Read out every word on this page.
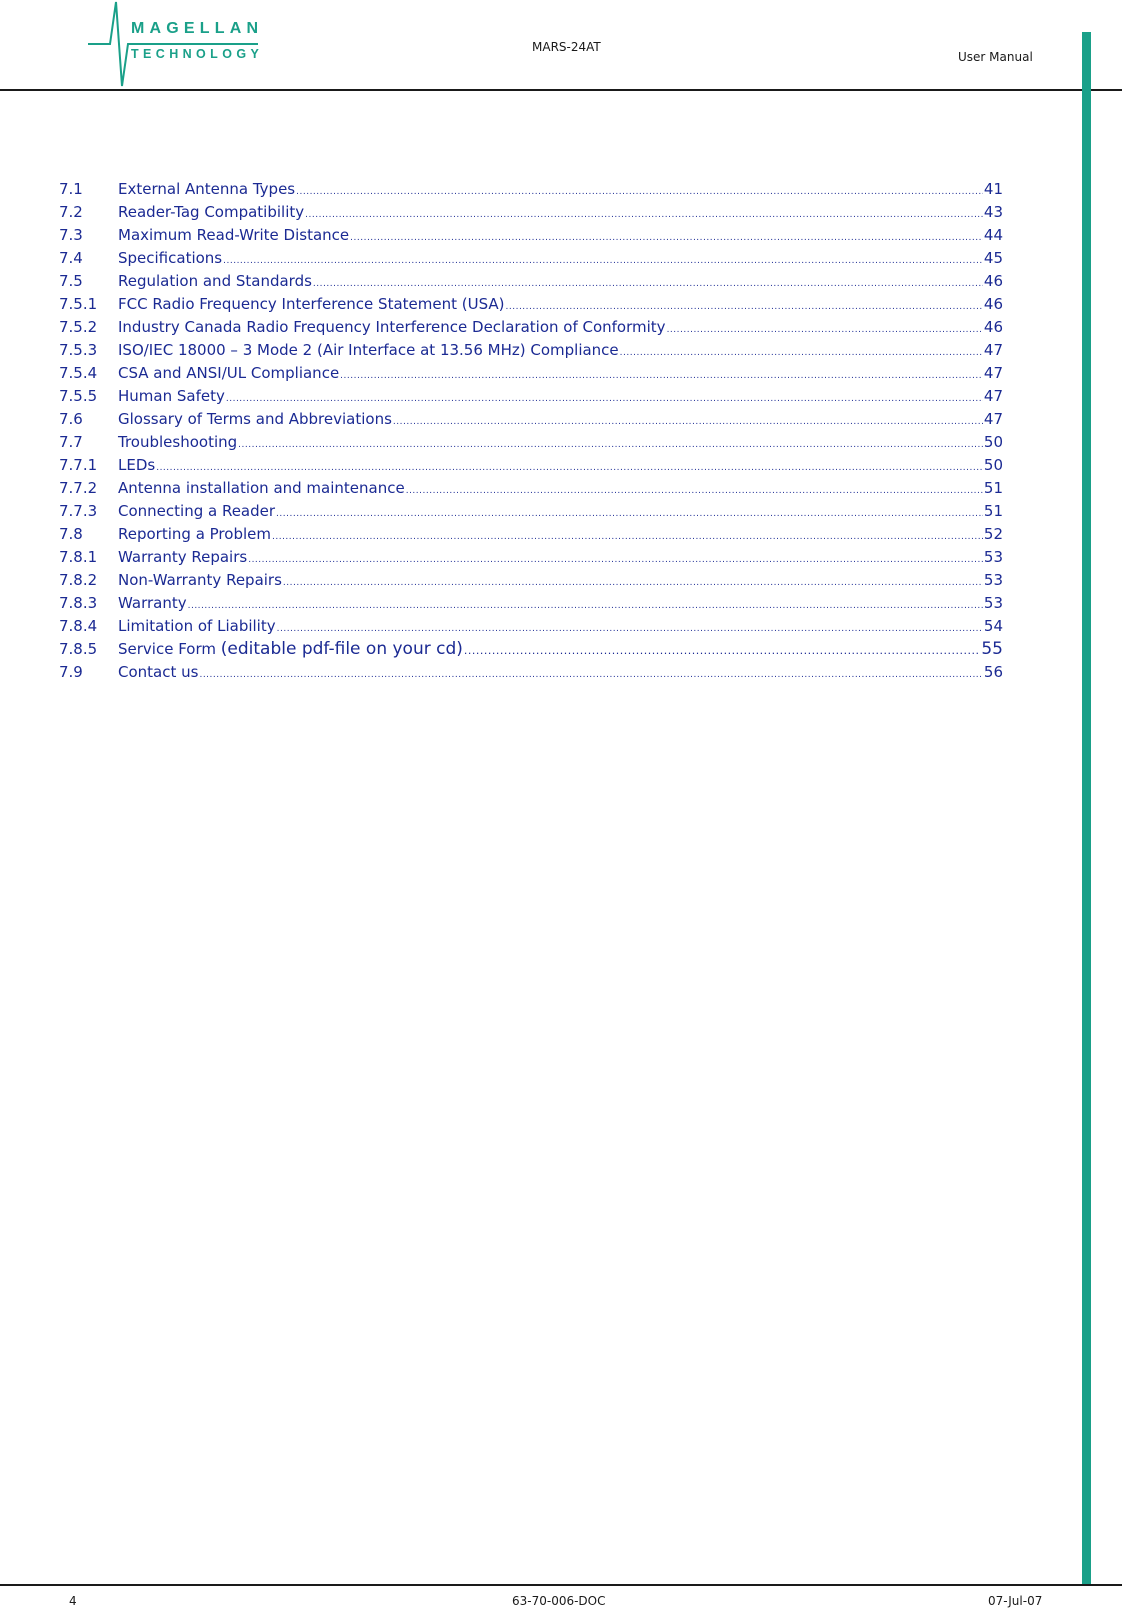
MAGELLAN
TECHNOLOGY	MARS-24AT
User Manual
7.1	External Antenna Types .....	41
7.2	Reader-Tag Compatibility .....	43
7.3	Maximum Read-Write Distance .....	44
7.4	Specifications .....	45
7.5	Regulation and Standards .....	46
7.5.1	FCC Radio Frequency Interference Statement (USA) .....	46
7.5.2	Industry Canada Radio Frequency Interference Declaration of Conformity .....	46
7.5.3	ISO/IEC 18000 – 3 Mode 2 (Air Interface at 13.56 MHz) Compliance .....	47
7.5.4	CSA and ANSI/UL Compliance .....	47
7.5.5	Human Safety .....	47
7.6	Glossary of Terms and Abbreviations .....	47
7.7	Troubleshooting .....	50
7.7.1	LEDs .....	50
7.7.2	Antenna installation and maintenance .....	51
7.7.3	Connecting a Reader .....	51
7.8	Reporting a Problem .....	52
7.8.1	Warranty Repairs .....	53
7.8.2	Non-Warranty Repairs .....	53
7.8.3	Warranty .....	53
7.8.4	Limitation of Liability .....	54
7.8.5	Service Form (editable pdf-file on your cd) .....	55
7.9	Contact us .....	56
4	63-70-006-DOC	07-Jul-07
